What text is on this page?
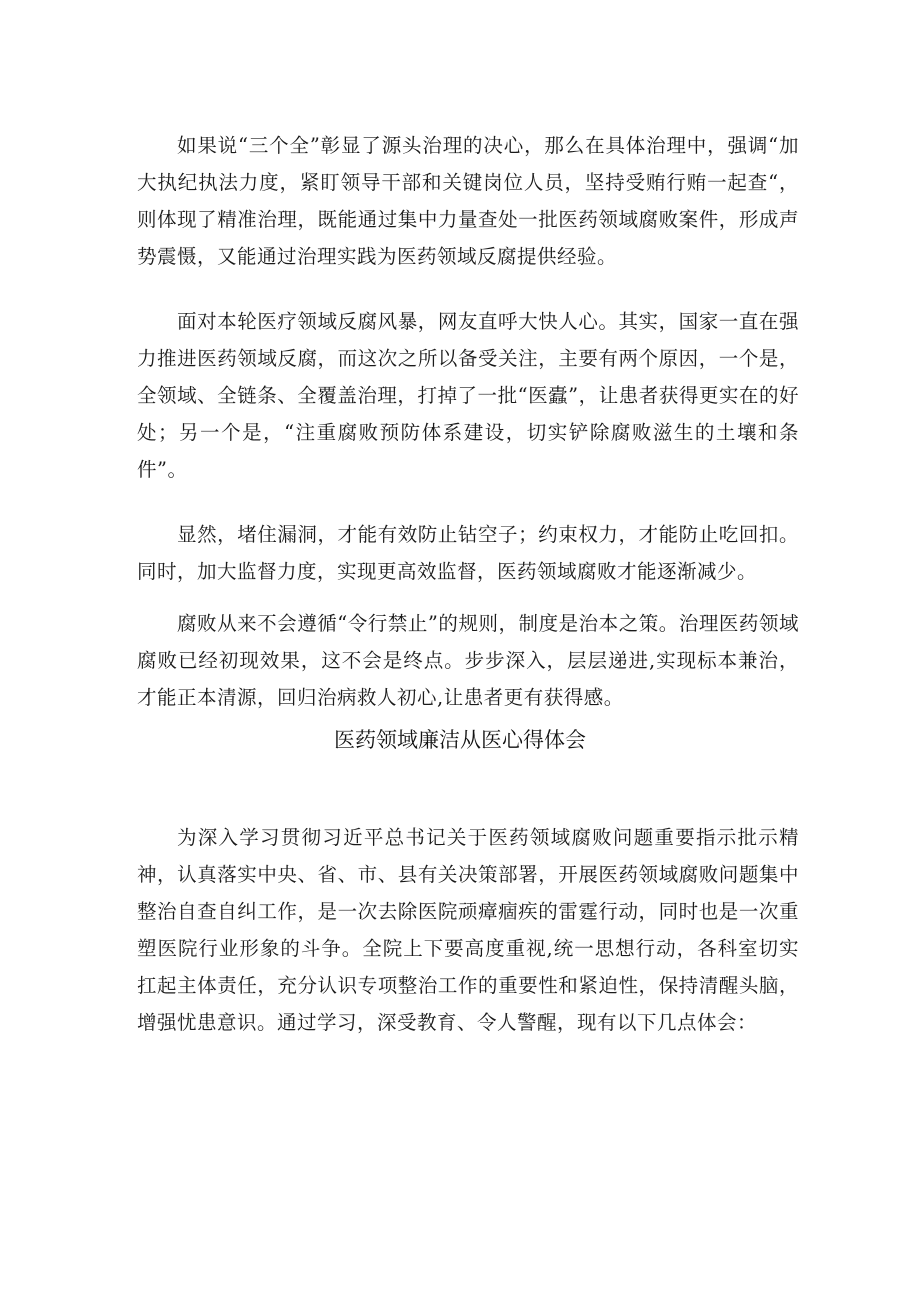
如果说“三个全”彰显了源头治理的决心，那么在具体治理中，强调“加大执纪执法力度，紧盯领导干部和关键岗位人员，坚持受贿行贿一起查“，则体现了精准治理，既能通过集中力量查处一批医药领域腐败案件，形成声势震慑，又能通过治理实践为医药领域反腐提供经验。

面对本轮医疗领域反腐风暴，网友直呼大快人心。其实，国家一直在强力推进医药领域反腐，而这次之所以备受关注，主要有两个原因，一个是，全领域、全链条、全覆盖治理，打掉了一批“医蠹”，让患者获得更实在的好处；另一个是，“注重腐败预防体系建设，切实铲除腐败滋生的土壤和条件”。

显然，堵住漏洞，才能有效防止钻空子；约束权力，才能防止吃回扣。同时，加大监督力度，实现更高效监督，医药领域腐败才能逐渐减少。

腐败从来不会遵循“令行禁止”的规则，制度是治本之策。治理医药领域腐败已经初现效果，这不会是终点。步步深入，层层递进,实现标本兼治，才能正本清源，回归治病救人初心,让患者更有获得感。

医药领域廉洁从医心得体会

为深入学习贯彻习近平总书记关于医药领域腐败问题重要指示批示精神，认真落实中央、省、市、县有关决策部署，开展医药领域腐败问题集中整治自查自纠工作，是一次去除医院顽瘴痼疾的雷霆行动，同时也是一次重塑医院行业形象的斗争。全院上下要高度重视,统一思想行动，各科室切实扛起主体责任，充分认识专项整治工作的重要性和紧迫性，保持清醒头脑，增强忧患意识。通过学习，深受教育、令人警醒，现有以下几点体会：
